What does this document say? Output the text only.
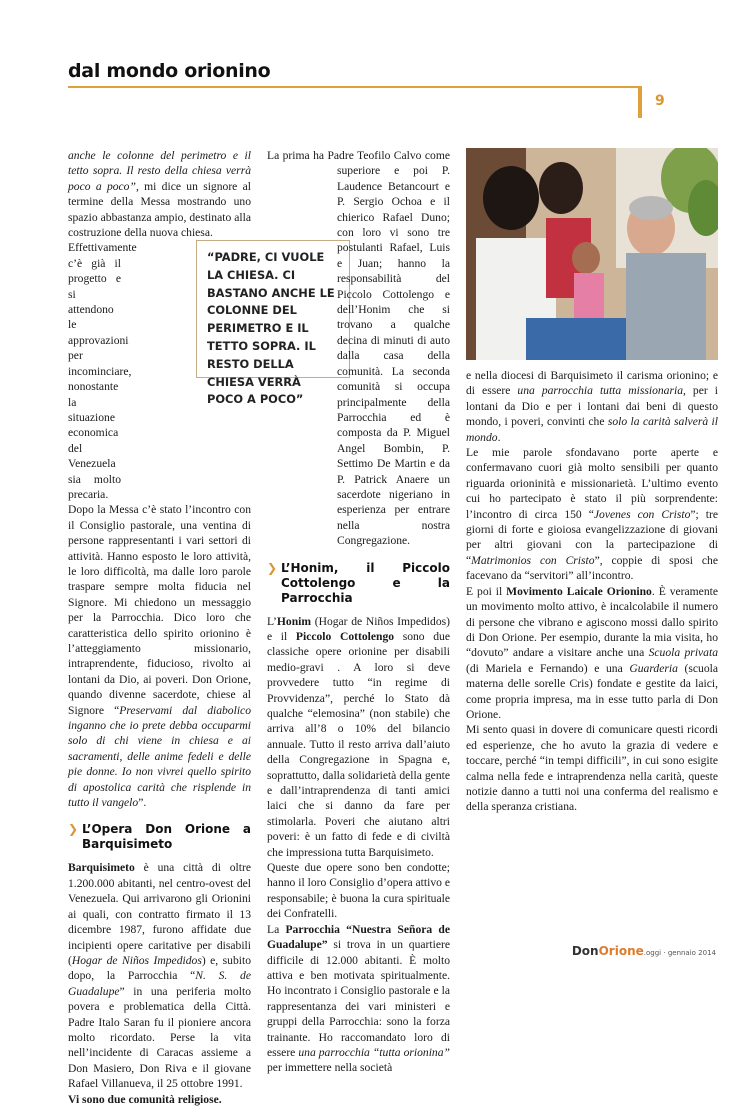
dal mondo orionino
9

anche le colonne del perimetro e il tetto sopra. Il resto della chiesa verrà poco a poco”, mi dice un signore al termine della Messa mostrando uno spazio abbastanza ampio, destinato alla costruzione della nuova chiesa.

Effettivamente c’è già il progetto e si attendono le approvazioni per incominciare, nonostante la situazione economica del Venezuela sia molto precaria.

Dopo la Messa c’è stato l’incontro con il Consiglio pastorale, una ventina di persone rappresentanti i vari settori di attività. Hanno esposto le loro attività, le loro difficoltà, ma dalle loro parole traspare sempre molta fiducia nel Signore. Mi chiedono un messaggio per la Parrocchia. Dico loro che caratteristica dello spirito orionino è l’atteggiamento missionario, intraprendente, fiducioso, rivolto ai lontani da Dio, ai poveri. Don Orione, quando divenne sacerdote, chiese al Signore “Preservami dal diabolico inganno che io prete debba occuparmi solo di chi viene in chiesa e ai sacramenti, delle anime fedeli e delle pie donne. Io non vivrei quello spirito di apostolica carità che risplende in tutto il vangelo”.

❯ L’Opera Don Orione a Barquisimeto

Barquisimeto è una città di oltre 1.200.000 abitanti, nel centro-ovest del Venezuela. Qui arrivarono gli Orionini ai quali, con contratto firmato il 13 dicembre 1987, furono affidate due incipienti opere caritative per disabili (Hogar de Niños Impedidos) e, subito dopo, la Parrocchia “N. S. de Guadalupe” in una periferia molto povera e problematica della Città. Padre Italo Saran fu il pioniere ancora molto ricordato. Perse la vita nell’incidente di Caracas assieme a Don Masiero, Don Riva e il giovane Rafael Villanueva, il 25 ottobre 1991.

Vi sono due comunità religiose.

“PADRE, CI VUOLE LA CHIESA. CI BASTANO ANCHE LE COLONNE DEL PERIMETRO E IL TETTO SOPRA. IL RESTO DELLA CHIESA VERRÀ POCO A POCO”

La prima ha Padre Teofilo Calvo come superiore e poi P. Laudence Betancourt e P. Sergio Ochoa e il chierico Rafael Duno; con loro vi sono tre postulanti Rafael, Luis e Juan; hanno la responsabilità del Piccolo Cottolengo e dell’Honim che si trovano a qualche decina di minuti di auto dalla casa della comunità. La seconda comunità si occupa principalmente della Parrocchia ed è composta da P. Miguel Angel Bombin, P. Settimo De Martin e da P. Patrick Anaere un sacerdote nigeriano in esperienza per entrare nella nostra Congregazione.

❯ L’Honim, il Piccolo Cottolengo e la Parrocchia

L’Honim (Hogar de Niños Impedidos) e il Piccolo Cottolengo sono due classiche opere orionine per disabili medio-gravi . A loro si deve provvedere tutto “in regime di Provvidenza”, perché lo Stato dà qualche “elemosina” (non stabile) che arriva all’8 o 10% del bilancio annuale. Tutto il resto arriva dall’aiuto della Congregazione in Spagna e, soprattutto, dalla solidarietà della gente e dall’intraprendenza di tanti amici laici che si danno da fare per stimolarla. Poveri che aiutano altri poveri: è un fatto di fede e di civiltà che impressiona tutta Barquisimeto.

Queste due opere sono ben condotte; hanno il loro Consiglio d’opera attivo e responsabile; è buona la cura spirituale dei Confratelli.

La Parrocchia “Nuestra Señora de Guadalupe” si trova in un quartiere difficile di 12.000 abitanti. È molto attiva e ben motivata spiritualmente. Ho incontrato i Consiglio pastorale e la rappresentanza dei vari ministeri e gruppi della Parrocchia: sono la forza trainante. Ho raccomandato loro di essere una parrocchia “tutta orionina” per immettere nella società

e nella diocesi di Barquisimeto il carisma orionino; e di essere una parrocchia tutta missionaria, per i lontani da Dio e per i lontani dai beni di questo mondo, i poveri, convinti che solo la carità salverà il mondo.

Le mie parole sfondavano porte aperte e confermavano cuori già molto sensibili per quanto riguarda orioninità e missionarietà. L’ultimo evento cui ho partecipato è stato il più sorprendente: l’incontro di circa 150 “Jovenes con Cristo”; tre giorni di forte e gioiosa evangelizzazione di giovani per altri giovani con la partecipazione di “Matrimonios con Cristo”, coppie di sposi che facevano da “servitori” all’incontro.

E poi il Movimento Laicale Orionino. È veramente un movimento molto attivo, è incalcolabile il numero di persone che vibrano e agiscono mossi dallo spirito di Don Orione. Per esempio, durante la mia visita, ho “dovuto” andare a visitare anche una Scuola privata (di Mariela e Fernando) e una Guarderia (scuola materna delle sorelle Cris) fondate e gestite da laici, come propria impresa, ma in esse tutto parla di Don Orione.

Mi sento quasi in dovere di comunicare questi ricordi ed esperienze, che ho avuto la grazia di vedere e toccare, perché “in tempi difficili”, in cui sono esigite calma nella fede e intraprendenza nella carità, queste notizie danno a tutti noi una conferma del realismo e della speranza cristiana.

DonOrione.oggi · gennaio 2014
